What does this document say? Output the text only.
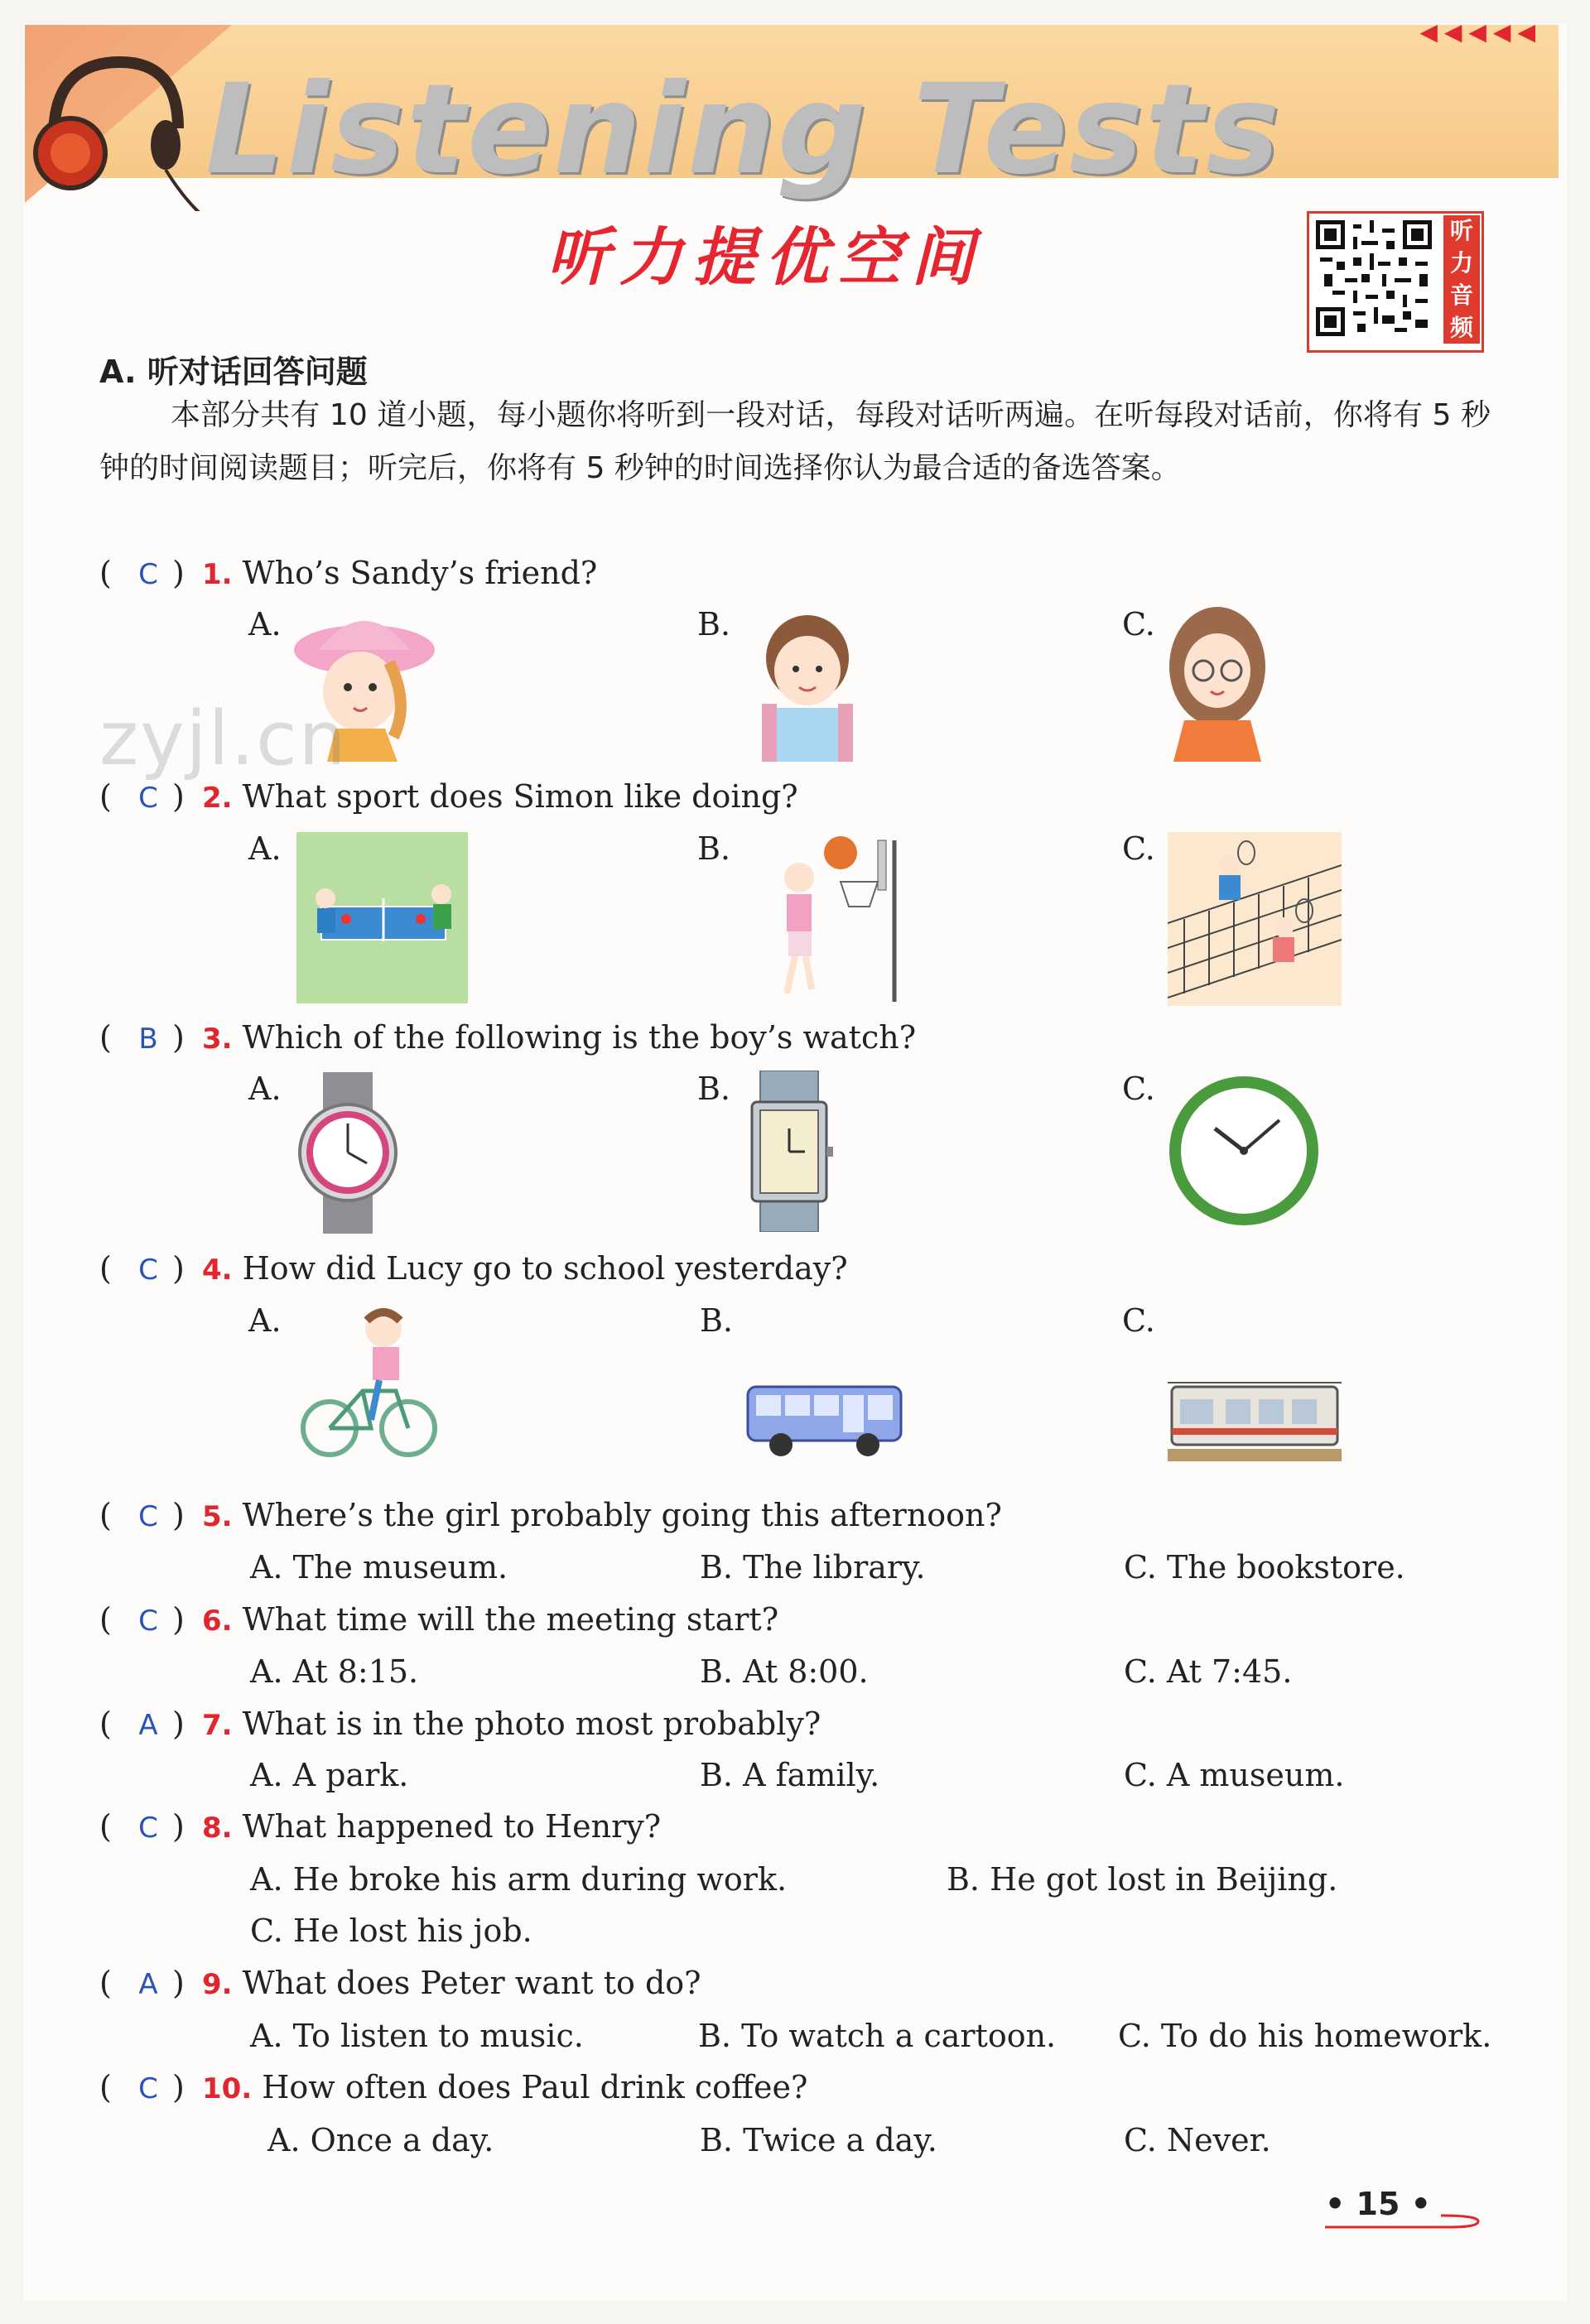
◀◀◀◀◀
Listening Tests
听力提优空间	听
力
音
频
A. 听对话回答问题
本部分共有 10 道小题，每小题你将听到一段对话，每段对话听两遍。在听每段对话前，你将有 5 秒钟的时间阅读题目；听完后，你将有 5 秒钟的时间选择你认为最合适的备选答案。
( C ) 1. Who’s Sandy’s friend?
A.	B.	C.
zyjl.cn
( C ) 2. What sport does Simon like doing?
A.	B.	C.
( B ) 3. Which of the following is the boy’s watch?
A.	B.	C.
( C ) 4. How did Lucy go to school yesterday?
A.	B.	C.
( C ) 5. Where’s the girl probably going this afternoon?
A. The museum.	B. The library.	C. The bookstore.
( C ) 6. What time will the meeting start?
A. At 8:15.	B. At 8:00.	C. At 7:45.
( A ) 7. What is in the photo most probably?
A. A park.	B. A family.	C. A museum.
( C ) 8. What happened to Henry?
A. He broke his arm during work.	B. He got lost in Beijing.
C. He lost his job.
( A ) 9. What does Peter want to do?
A. To listen to music.	B. To watch a cartoon. C. To do his homework.
( C ) 10. How often does Paul drink coffee?
A. Once a day.	B. Twice a day.	C. Never.
• 15 •
